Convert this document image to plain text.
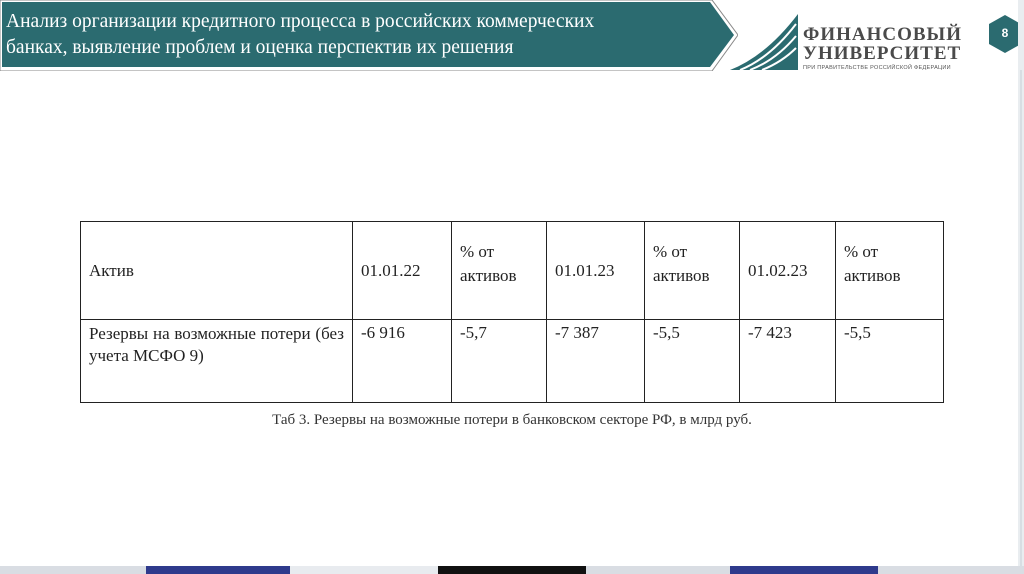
Анализ организации кредитного процесса в российских коммерческих
банках, выявление проблем и оценка перспектив их решения
ФИНАНСОВЫЙ
УНИВЕРСИТЕТ
ПРИ ПРАВИТЕЛЬСТВЕ РОССИЙСКОЙ ФЕДЕРАЦИИ
8
Актив	01.01.22	% от активов	01.01.23	% от активов	01.02.23	% от активов
Резервы на возможные потери (без учета МСФО 9)	-6 916	-5,7	-7 387	-5,5	-7 423	-5,5
Таб 3. Резервы на возможные потери в банковском секторе РФ, в млрд руб.
